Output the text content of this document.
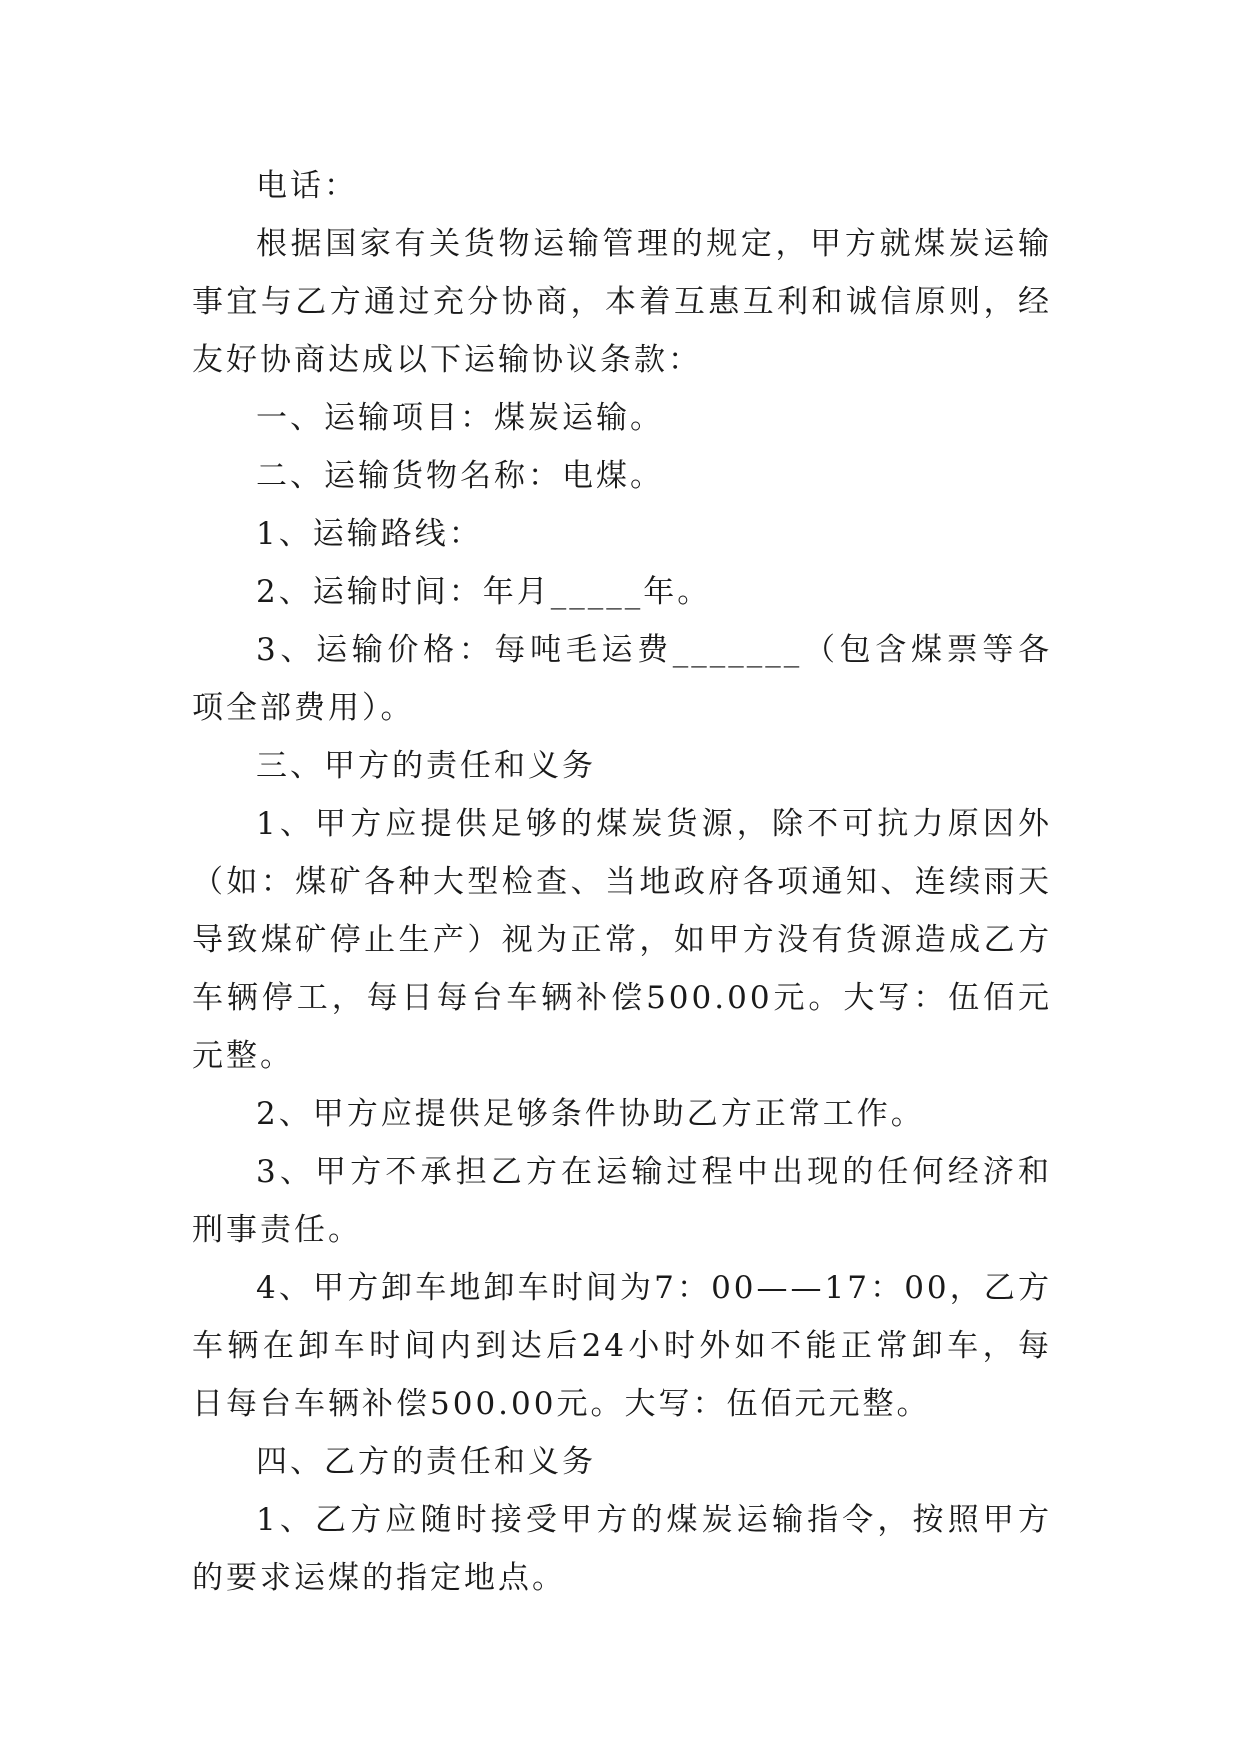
电话：

根据国家有关货物运输管理的规定，甲方就煤炭运输事宜与乙方通过充分协商，本着互惠互利和诚信原则，经友好协商达成以下运输协议条款：

一、运输项目：煤炭运输。

二、运输货物名称：电煤。

1、运输路线：

2、运输时间：年月_____年。

3、运输价格：每吨毛运费_______（包含煤票等各项全部费用）。

三、甲方的责任和义务

1、甲方应提供足够的煤炭货源，除不可抗力原因外（如：煤矿各种大型检查、当地政府各项通知、连续雨天导致煤矿停止生产）视为正常，如甲方没有货源造成乙方车辆停工，每日每台车辆补偿500.00元。大写：伍佰元元整。

2、甲方应提供足够条件协助乙方正常工作。

3、甲方不承担乙方在运输过程中出现的任何经济和刑事责任。

4、甲方卸车地卸车时间为7：00——17：00，乙方车辆在卸车时间内到达后24小时外如不能正常卸车，每日每台车辆补偿500.00元。大写：伍佰元元整。

四、乙方的责任和义务

1、乙方应随时接受甲方的煤炭运输指令，按照甲方的要求运煤的指定地点。
